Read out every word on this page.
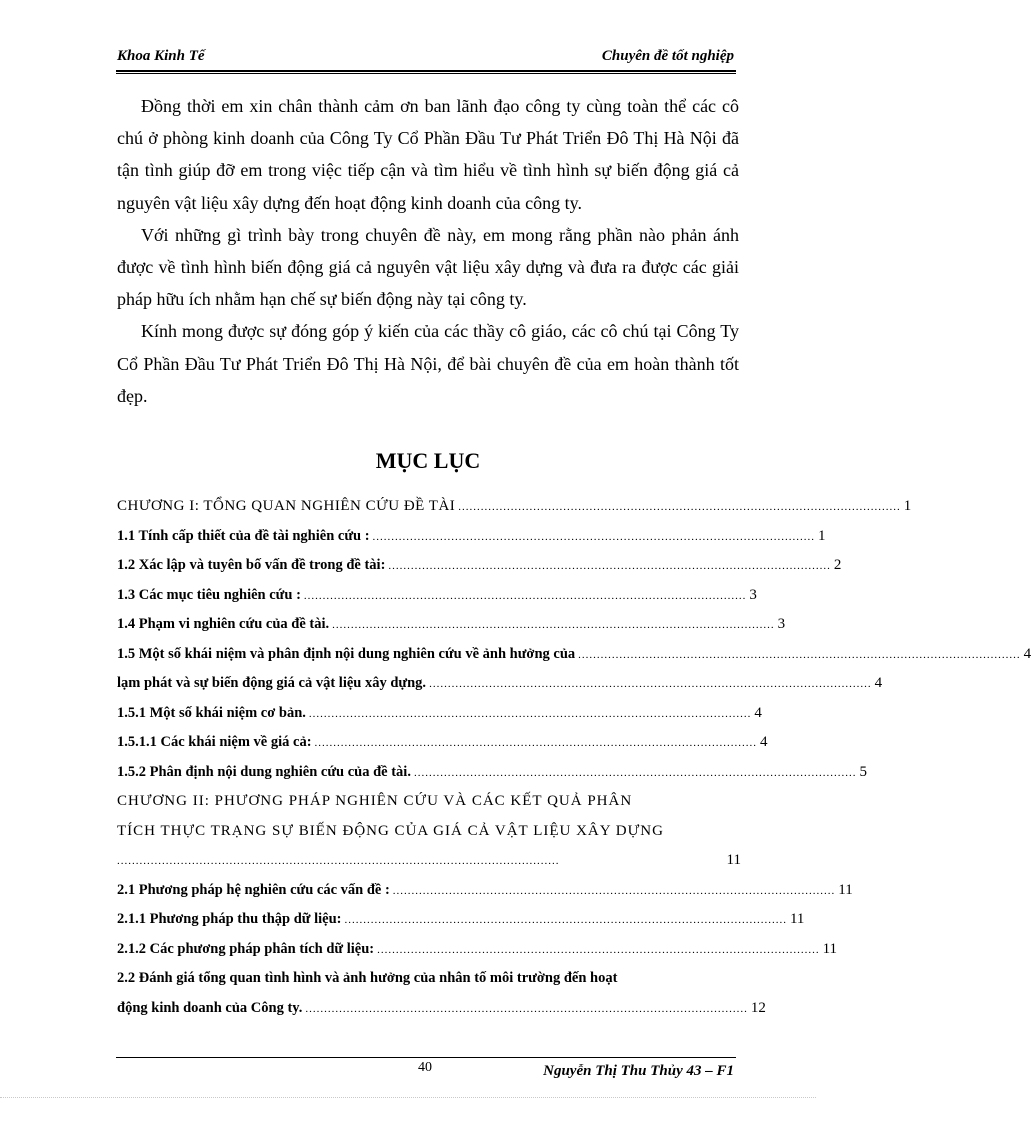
Khoa Kinh Tế	Chuyên đề tốt nghiệp

Đồng thời em xin chân thành cảm ơn ban lãnh đạo công ty cùng toàn thể các cô chú ở phòng kinh doanh của Công Ty Cổ Phần Đầu Tư Phát Triển Đô Thị Hà Nội đã tận tình giúp đỡ em trong việc tiếp cận và tìm hiểu về tình hình sự biến động giá cả nguyên vật liệu xây dựng đến hoạt động kinh doanh của công ty.

Với những gì trình bày trong chuyên đề này, em mong rằng phần nào phản ánh được về tình hình biến động giá cả nguyên vật liệu xây dựng và đưa ra được các giải pháp hữu ích nhằm hạn chế sự biến động này tại công ty.

Kính mong được sự đóng góp ý kiến của các thầy cô giáo, các cô chú tại Công Ty Cổ Phần Đầu Tư Phát Triển Đô Thị Hà Nội, để bài chuyên đề của em hoàn thành tốt đẹp.

MỤC LỤC
CHƯƠNG I: TỔNG QUAN NGHIÊN CỨU ĐỀ TÀI ...................................................................................................................... 1
1.1 Tính cấp thiết của đề tài nghiên cứu : ...................................................................................................................... 1
1.2 Xác lập và tuyên bố vấn đề trong đề tài: ...................................................................................................................... 2
1.3 Các mục tiêu nghiên cứu : ...................................................................................................................... 3
1.4 Phạm vi nghiên cứu của đề tài. ...................................................................................................................... 3
1.5 Một số khái niệm và phân định nội dung nghiên cứu về ảnh hưởng của ...................................................................................................................... 4
lạm phát và sự biến động giá cả vật liệu xây dựng. ...................................................................................................................... 4
1.5.1 Một số khái niệm cơ bản. ...................................................................................................................... 4
1.5.1.1 Các khái niệm về giá cả: ...................................................................................................................... 4
1.5.2 Phân định nội dung nghiên cứu của đề tài. ...................................................................................................................... 5
CHƯƠNG II: PHƯƠNG PHÁP NGHIÊN CỨU VÀ CÁC KẾT QUẢ PHÂN
TÍCH THỰC TRẠNG SỰ BIẾN ĐỘNG CỦA GIÁ CẢ VẬT LIỆU XÂY DỰNG
......................................................................................................................	11
2.1 Phương pháp hệ nghiên cứu các vấn đề : ...................................................................................................................... 11
2.1.1 Phương pháp thu thập dữ liệu: ...................................................................................................................... 11
2.1.2 Các phương pháp phân tích dữ liệu: ...................................................................................................................... 11
2.2 Đánh giá tổng quan tình hình và ảnh hưởng của nhân tố môi trường đến hoạt
động kinh doanh của Công ty. ...................................................................................................................... 12
40	Nguyễn Thị Thu Thủy 43 – F1
